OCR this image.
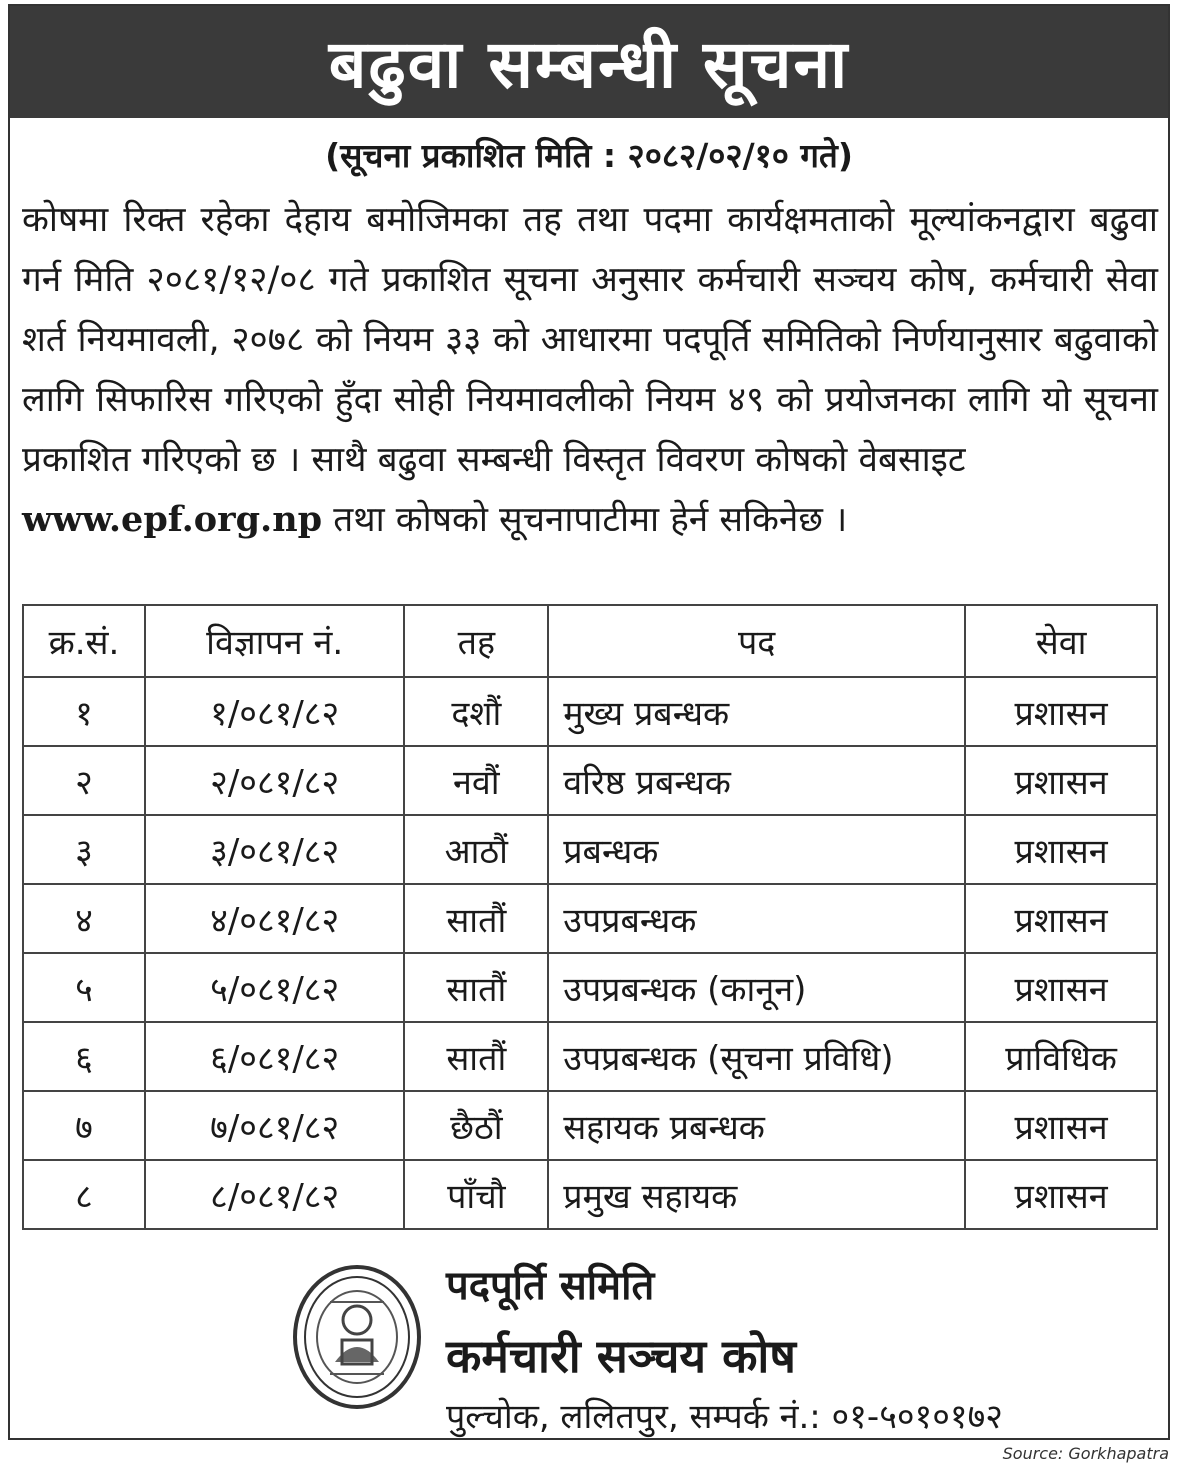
बढुवा सम्बन्धी सूचना
(सूचना प्रकाशित मिति : २०८२/०२/१० गते)
कोषमा रिक्त रहेका देहाय बमोजिमका तह तथा पदमा कार्यक्षमताको मूल्यांकनद्वारा बढुवा गर्न मिति २०८१/१२/०८ गते प्रकाशित सूचना अनुसार कर्मचारी सञ्चय कोष, कर्मचारी सेवा शर्त नियमावली, २०७८ को नियम ३३ को आधारमा पदपूर्ति समितिको निर्णयानुसार बढुवाको लागि सिफारिस गरिएको हुँदा सोही नियमावलीको नियम ४९ को प्रयोजनका लागि यो सूचना प्रकाशित गरिएको छ । साथै बढुवा सम्बन्धी विस्तृत विवरण कोषको वेबसाइट
www.epf.org.np तथा कोषको सूचनापाटीमा हेर्न सकिनेछ ।
क्र.सं.	विज्ञापन नं.	तह	पद	सेवा
१	१/०८१/८२	दशौं	मुख्य प्रबन्धक	प्रशासन
२	२/०८१/८२	नवौं	वरिष्ठ प्रबन्धक	प्रशासन
३	३/०८१/८२	आठौं	प्रबन्धक	प्रशासन
४	४/०८१/८२	सातौं	उपप्रबन्धक	प्रशासन
५	५/०८१/८२	सातौं	उपप्रबन्धक (कानून)	प्रशासन
६	६/०८१/८२	सातौं	उपप्रबन्धक (सूचना प्रविधि)	प्राविधिक
७	७/०८१/८२	छैठौं	सहायक प्रबन्धक	प्रशासन
८	८/०८१/८२	पाँचौ	प्रमुख सहायक	प्रशासन
पदपूर्ति समिति
कर्मचारी सञ्चय कोष
पुल्चोक, ललितपुर, सम्पर्क नं.: ०१-५०१०१७२
Source: Gorkhapatra
